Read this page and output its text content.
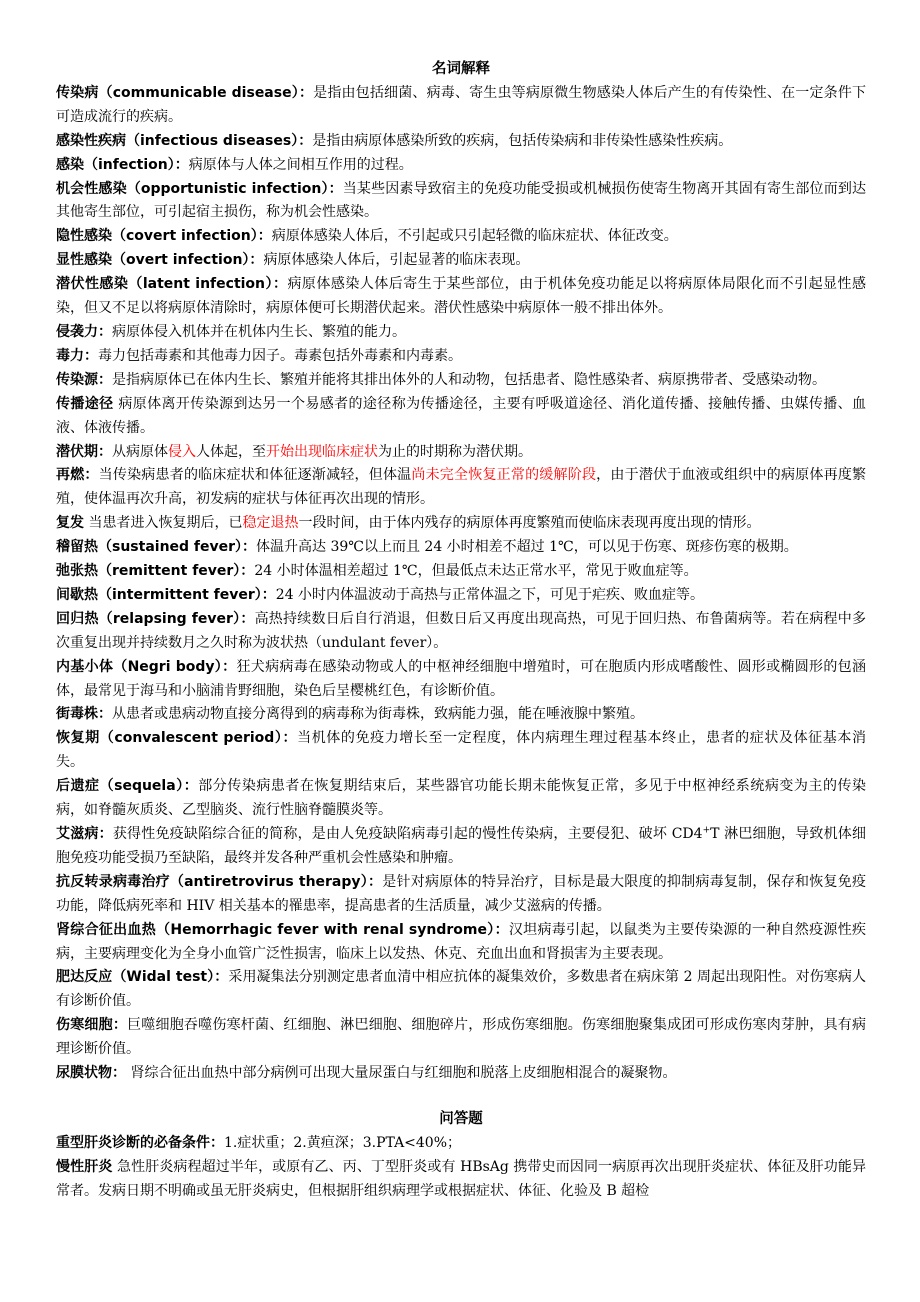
名词解释

传染病（communicable disease）：是指由包括细菌、病毒、寄生虫等病原微生物感染人体后产生的有传染性、在一定条件下可造成流行的疾病。

感染性疾病（infectious diseases）：是指由病原体感染所致的疾病，包括传染病和非传染性感染性疾病。

感染（infection）：病原体与人体之间相互作用的过程。

机会性感染（opportunistic infection）：当某些因素导致宿主的免疫功能受损或机械损伤使寄生物离开其固有寄生部位而到达其他寄生部位，可引起宿主损伤，称为机会性感染。

隐性感染（covert infection）：病原体感染人体后，不引起或只引起轻微的临床症状、体征改变。

显性感染（overt infection）：病原体感染人体后，引起显著的临床表现。

潜伏性感染（latent infection）：病原体感染人体后寄生于某些部位，由于机体免疫功能足以将病原体局限化而不引起显性感染，但又不足以将病原体清除时，病原体便可长期潜伏起来。潜伏性感染中病原体一般不排出体外。

侵袭力：病原体侵入机体并在机体内生长、繁殖的能力。

毒力：毒力包括毒素和其他毒力因子。毒素包括外毒素和内毒素。

传染源：是指病原体已在体内生长、繁殖并能将其排出体外的人和动物，包括患者、隐性感染者、病原携带者、受感染动物。

传播途径 病原体离开传染源到达另一个易感者的途径称为传播途径，主要有呼吸道途径、消化道传播、接触传播、虫媒传播、血液、体液传播。

潜伏期：从病原体侵入人体起，至开始出现临床症状为止的时期称为潜伏期。

再燃：当传染病患者的临床症状和体征逐渐减轻，但体温尚未完全恢复正常的缓解阶段，由于潜伏于血液或组织中的病原体再度繁殖，使体温再次升高，初发病的症状与体征再次出现的情形。

复发 当患者进入恢复期后，已稳定退热一段时间，由于体内残存的病原体再度繁殖而使临床表现再度出现的情形。

稽留热（sustained fever）：体温升高达 39℃以上而且 24 小时相差不超过 1℃，可以见于伤寒、斑疹伤寒的极期。

弛张热（remittent fever）：24 小时体温相差超过 1℃，但最低点未达正常水平，常见于败血症等。

间歇热（intermittent fever）：24 小时内体温波动于高热与正常体温之下，可见于疟疾、败血症等。

回归热（relapsing fever）：高热持续数日后自行消退，但数日后又再度出现高热，可见于回归热、布鲁菌病等。若在病程中多次重复出现并持续数月之久时称为波状热（undulant fever）。

内基小体（Negri body）：狂犬病病毒在感染动物或人的中枢神经细胞中增殖时，可在胞质内形成嗜酸性、圆形或椭圆形的包涵体，最常见于海马和小脑浦肯野细胞，染色后呈樱桃红色，有诊断价值。

街毒株：从患者或患病动物直接分离得到的病毒称为街毒株，致病能力强，能在唾液腺中繁殖。

恢复期（convalescent period）：当机体的免疫力增长至一定程度，体内病理生理过程基本终止，患者的症状及体征基本消失。

后遗症（sequela）：部分传染病患者在恢复期结束后，某些器官功能长期未能恢复正常，多见于中枢神经系统病变为主的传染病，如脊髓灰质炎、乙型脑炎、流行性脑脊髓膜炎等。

艾滋病：获得性免疫缺陷综合征的简称，是由人免疫缺陷病毒引起的慢性传染病，主要侵犯、破坏 CD4+T 淋巴细胞，导致机体细胞免疫功能受损乃至缺陷，最终并发各种严重机会性感染和肿瘤。

抗反转录病毒治疗（antiretrovirus therapy）：是针对病原体的特异治疗，目标是最大限度的抑制病毒复制，保存和恢复免疫功能，降低病死率和 HIV 相关基本的罹患率，提高患者的生活质量，减少艾滋病的传播。

肾综合征出血热（Hemorrhagic fever with renal syndrome）：汉坦病毒引起，以鼠类为主要传染源的一种自然疫源性疾病，主要病理变化为全身小血管广泛性损害，临床上以发热、休克、充血出血和肾损害为主要表现。

肥达反应（Widal test）：采用凝集法分别测定患者血清中相应抗体的凝集效价，多数患者在病床第 2 周起出现阳性。对伤寒病人有诊断价值。

伤寒细胞：巨噬细胞吞噬伤寒杆菌、红细胞、淋巴细胞、细胞碎片，形成伤寒细胞。伤寒细胞聚集成团可形成伤寒肉芽肿，具有病理诊断价值。

尿膜状物： 肾综合征出血热中部分病例可出现大量尿蛋白与红细胞和脱落上皮细胞相混合的凝聚物。

问答题

重型肝炎诊断的必备条件：1.症状重；2.黄疸深；3.PTA<40%；

慢性肝炎 急性肝炎病程超过半年，或原有乙、丙、丁型肝炎或有 HBsAg 携带史而因同一病原再次出现肝炎症状、体征及肝功能异常者。发病日期不明确或虽无肝炎病史，但根据肝组织病理学或根据症状、体征、化验及 B 超检
